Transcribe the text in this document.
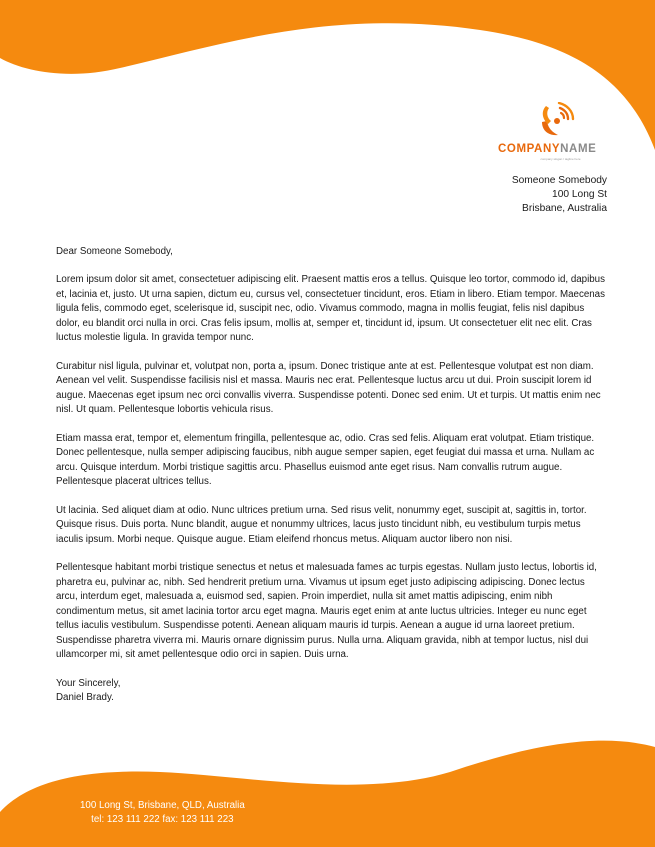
COMPANYNAME
company slogan / tagline here
Someone Somebody
100 Long St
Brisbane, Australia
Dear Someone Somebody,

Lorem ipsum dolor sit amet, consectetuer adipiscing elit. Praesent mattis eros a tellus. Quisque leo tortor, commodo id, dapibus et, lacinia et, justo. Ut urna sapien, dictum eu, cursus vel, consectetuer tincidunt, eros. Etiam in libero. Etiam tempor. Maecenas ligula felis, commodo eget, scelerisque id, suscipit nec, odio. Vivamus commodo, magna in mollis feugiat, felis nisl dapibus dolor, eu blandit orci nulla in orci. Cras felis ipsum, mollis at, semper et, tincidunt id, ipsum. Ut consectetuer elit nec elit. Cras luctus molestie ligula. In gravida tempor nunc.

Curabitur nisl ligula, pulvinar et, volutpat non, porta a, ipsum. Donec tristique ante at est. Pellentesque volutpat est non diam. Aenean vel velit. Suspendisse facilisis nisl et massa. Mauris nec erat. Pellentesque luctus arcu ut dui. Proin suscipit lorem id augue. Maecenas eget ipsum nec orci convallis viverra. Suspendisse potenti. Donec sed enim. Ut et turpis. Ut mattis enim nec nisl. Ut quam. Pellentesque lobortis vehicula risus.

Etiam massa erat, tempor et, elementum fringilla, pellentesque ac, odio. Cras sed felis. Aliquam erat volutpat. Etiam tristique. Donec pellentesque, nulla semper adipiscing faucibus, nibh augue semper sapien, eget feugiat dui massa et urna. Nullam ac arcu. Quisque interdum. Morbi tristique sagittis arcu. Phasellus euismod ante eget risus. Nam convallis rutrum augue. Pellentesque placerat ultrices tellus.

Ut lacinia. Sed aliquet diam at odio. Nunc ultrices pretium urna. Sed risus velit, nonummy eget, suscipit at, sagittis in, tortor. Quisque risus. Duis porta. Nunc blandit, augue et nonummy ultrices, lacus justo tincidunt nibh, eu vestibulum turpis metus iaculis ipsum. Morbi neque. Quisque augue. Etiam eleifend rhoncus metus. Aliquam auctor libero non nisi.

Pellentesque habitant morbi tristique senectus et netus et malesuada fames ac turpis egestas. Nullam justo lectus, lobortis id, pharetra eu, pulvinar ac, nibh. Sed hendrerit pretium urna. Vivamus ut ipsum eget justo adipiscing adipiscing. Donec lectus arcu, interdum eget, malesuada a, euismod sed, sapien. Proin imperdiet, nulla sit amet mattis adipiscing, enim nibh condimentum metus, sit amet lacinia tortor arcu eget magna. Mauris eget enim at ante luctus ultricies. Integer eu nunc eget tellus iaculis vestibulum. Suspendisse potenti. Aenean aliquam mauris id turpis. Aenean a augue id urna laoreet pretium. Suspendisse pharetra viverra mi. Mauris ornare dignissim purus. Nulla urna. Aliquam gravida, nibh at tempor luctus, nisl dui ullamcorper mi, sit amet pellentesque odio orci in sapien. Duis urna.

Your Sincerely,
Daniel Brady.
100 Long St, Brisbane, QLD, Australia
tel: 123 111 222 fax: 123 111 223
